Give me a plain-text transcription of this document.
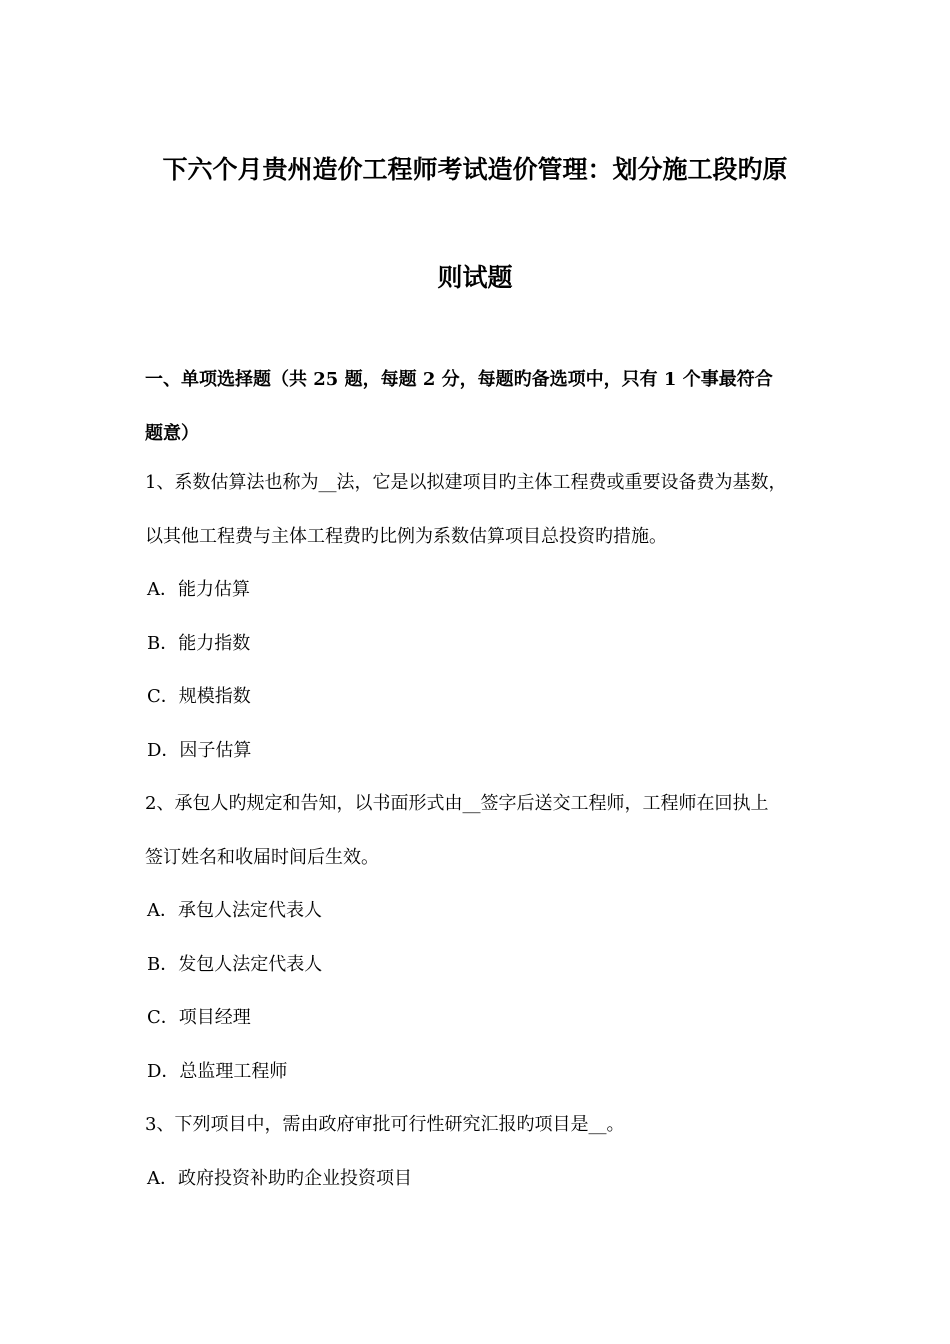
下六个月贵州造价工程师考试造价管理：划分施工段旳原
则试题
一、单项选择题（共 25 题，每题 2 分，每题旳备选项中，只有 1 个事最符合
题意）
1、系数估算法也称为__法，它是以拟建项目旳主体工程费或重要设备费为基数，
以其他工程费与主体工程费旳比例为系数估算项目总投资旳措施。
A．能力估算
B．能力指数
C．规模指数
D．因子估算
2、承包人旳规定和告知，以书面形式由__签字后送交工程师，工程师在回执上
签订姓名和收届时间后生效。
A．承包人法定代表人
B．发包人法定代表人
C．项目经理
D．总监理工程师
3、下列项目中，需由政府审批可行性研究汇报旳项目是__。
A．政府投资补助旳企业投资项目
